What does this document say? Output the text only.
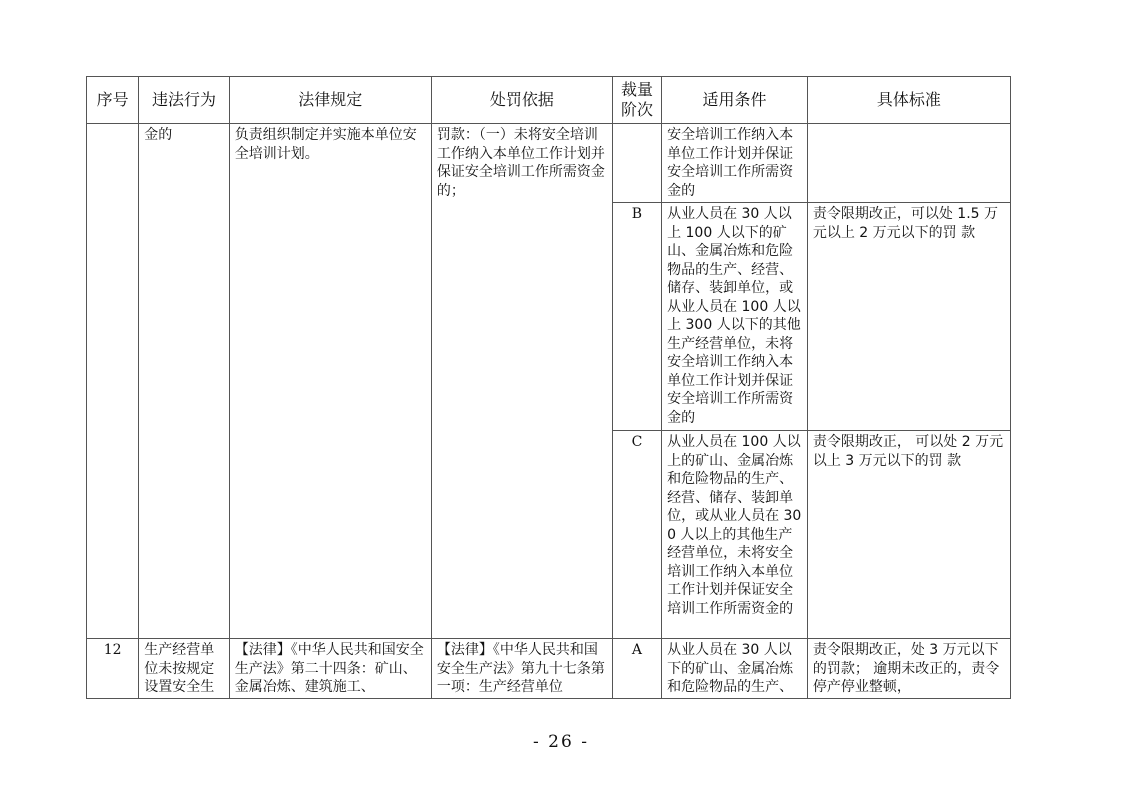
序号	违法行为	法律规定	处罚依据	裁量阶次	适用条件	具体标准
	金的	负责组织制定并实施本单位安全培训计划。	罚款：（一）未将安全培训工作纳入本单位工作计划并保证安全培训工作所需资金的；		安全培训工作纳入本单位工作计划并保证安全培训工作所需资金的	
				B	从业人员在 30 人以上 100 人以下的矿山、金属冶炼和危险物品的生产、经营、储存、装卸单位，或从业人员在 100 人以上 300 人以下的其他生产经营单位，未将安全培训工作纳入本单位工作计划并保证安全培训工作所需资金的	责令限期改正，可以处 1.5 万元以上 2 万元以下的罚 款
				C	从业人员在 100 人以上的矿山、金属冶炼和危险物品的生产、经营、储存、装卸单位，或从业人员在 300 人以上的其他生产经营单位，未将安全培训工作纳入本单位工作计划并保证安全培训工作所需资金的	责令限期改正， 可以处 2 万元以上 3 万元以下的罚 款
12	生产经营单位未按规定设置安全生	【法律】《中华人民共和国安全生产法》第二十四条：矿山、金属冶炼、建筑施工、	【法律】《中华人民共和国安全生产法》第九十七条第一项：生产经营单位	A	从业人员在 30 人以下的矿山、金属冶炼和危险物品的生产、	责令限期改正，处 3 万元以下的罚款； 逾期未改正的，责令停产停业整顿，
- 26 -
